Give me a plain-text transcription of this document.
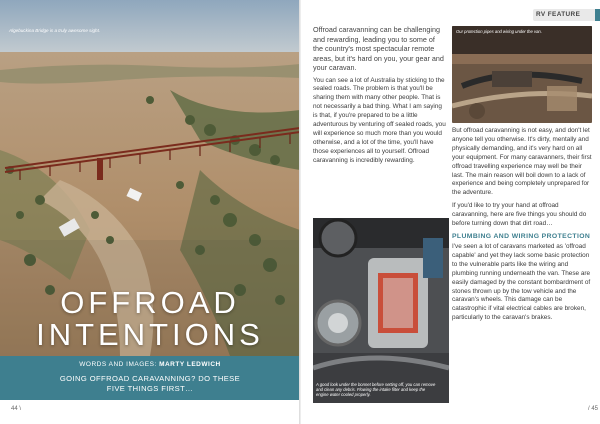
Algebuckina Bridge is a truly awesome sight.
OFFROAD
INTENTIONS
WORDS AND IMAGES: MARTY LEDWICH
GOING OFFROAD CARAVANNING? DO THESE
FIVE THINGS FIRST…
44 \
RV FEATURE

Offroad caravanning can be challenging and rewarding, leading you to some of the country's most spectacular remote areas, but it's hard on you, your gear and your caravan.

You can see a lot of Australia by sticking to the sealed roads. The problem is that you'll be sharing them with many other people. That is not necessarily a bad thing. What I am saying is that, if you're prepared to be a little adventurous by venturing off sealed roads, you will experience so much more than you would otherwise, and a lot of the time, you'll have those experiences all to yourself. Offroad caravanning is incredibly rewarding.

Our protection pipes and wiring under the van.
A good look under the bonnet before setting off, you can remove and clean any debris. Flowing the intake filter and keep the engine water cooled properly.

But offroad caravanning is not easy, and don't let anyone tell you otherwise. It's dirty, mentally and physically demanding, and it's very hard on all your equipment. For many caravanners, their first offroad travelling experience may well be their last. The main reason will boil down to a lack of experience and being completely unprepared for the adventure.

If you'd like to try your hand at offroad caravanning, here are five things you should do before turning down that dirt road…

PLUMBING AND WIRING PROTECTION

I've seen a lot of caravans marketed as 'offroad capable' and yet they lack some basic protection to the vulnerable parts like the wiring and plumbing running underneath the van. These are easily damaged by the constant bombardment of stones thrown up by the tow vehicle and the caravan's wheels. This damage can be catastrophic if vital electrical cables are broken, particularly to the caravan's brakes.

/ 45
